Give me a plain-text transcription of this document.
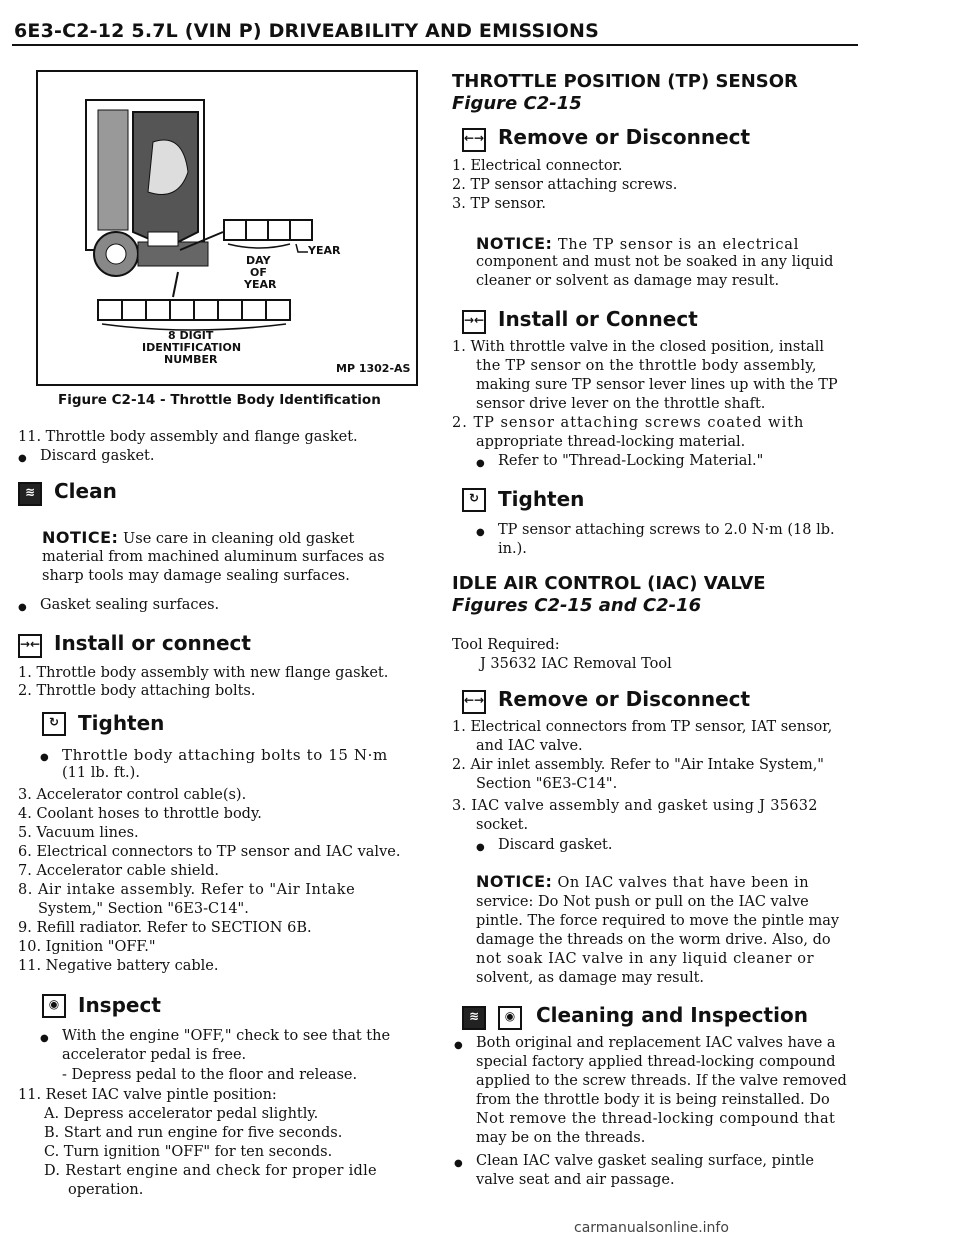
6E3-C2-12 5.7L (VIN P) DRIVEABILITY AND EMISSIONS
YEAR
DAY
OF
YEAR
8 DIGIT
IDENTIFICATION
NUMBER
MP 1302-AS
Figure C2-14 - Throttle Body Identification
11. Throttle body assembly and flange gasket.
● Discard gasket.
≋ Clean
NOTICE: Use care in cleaning old gasket
material from machined aluminum surfaces as
sharp tools may damage sealing surfaces.
● Gasket sealing surfaces.
→← Install or connect
1. Throttle body assembly with new flange gasket.
2. Throttle body attaching bolts.
↻ Tighten
● Throttle body attaching bolts to 15 N·m
(11 lb. ft.).
3. Accelerator control cable(s).
4. Coolant hoses to throttle body.
5. Vacuum lines.
6. Electrical connectors to TP sensor and IAC valve.
7. Accelerator cable shield.
8. Air intake assembly. Refer to "Air Intake
System," Section "6E3-C14".
9. Refill radiator. Refer to SECTION 6B.
10. Ignition "OFF."
11. Negative battery cable.
◉ Inspect
● With the engine "OFF," check to see that the
accelerator pedal is free.
- Depress pedal to the floor and release.
11. Reset IAC valve pintle position:
A. Depress accelerator pedal slightly.
B. Start and run engine for five seconds.
C. Turn ignition "OFF" for ten seconds.
D. Restart engine and check for proper idle
operation.
THROTTLE POSITION (TP) SENSOR
Figure C2-15
←→ Remove or Disconnect
1. Electrical connector.
2. TP sensor attaching screws.
3. TP sensor.
NOTICE: The TP sensor is an electrical
component and must not be soaked in any liquid
cleaner or solvent as damage may result.
→← Install or Connect
1. With throttle valve in the closed position, install
the TP sensor on the throttle body assembly,
making sure TP sensor lever lines up with the TP
sensor drive lever on the throttle shaft.
2. TP sensor attaching screws coated with
appropriate thread-locking material.
● Refer to "Thread-Locking Material."
↻ Tighten
● TP sensor attaching screws to 2.0 N·m (18 lb.
in.).
IDLE AIR CONTROL (IAC) VALVE
Figures C2-15 and C2-16
Tool Required:
J 35632 IAC Removal Tool
←→ Remove or Disconnect
1. Electrical connectors from TP sensor, IAT sensor,
and IAC valve.
2. Air inlet assembly. Refer to "Air Intake System,"
Section "6E3-C14".
3. IAC valve assembly and gasket using J 35632
socket.
● Discard gasket.
NOTICE: On IAC valves that have been in
service: Do Not push or pull on the IAC valve
pintle. The force required to move the pintle may
damage the threads on the worm drive. Also, do
not soak IAC valve in any liquid cleaner or
solvent, as damage may result.
≋	◉ Cleaning and Inspection
● Both original and replacement IAC valves have a
special factory applied thread-locking compound
applied to the screw threads. If the valve removed
from the throttle body it is being reinstalled. Do
Not remove the thread-locking compound that
may be on the threads.
● Clean IAC valve gasket sealing surface, pintle
valve seat and air passage.
carmanualsonline.info
